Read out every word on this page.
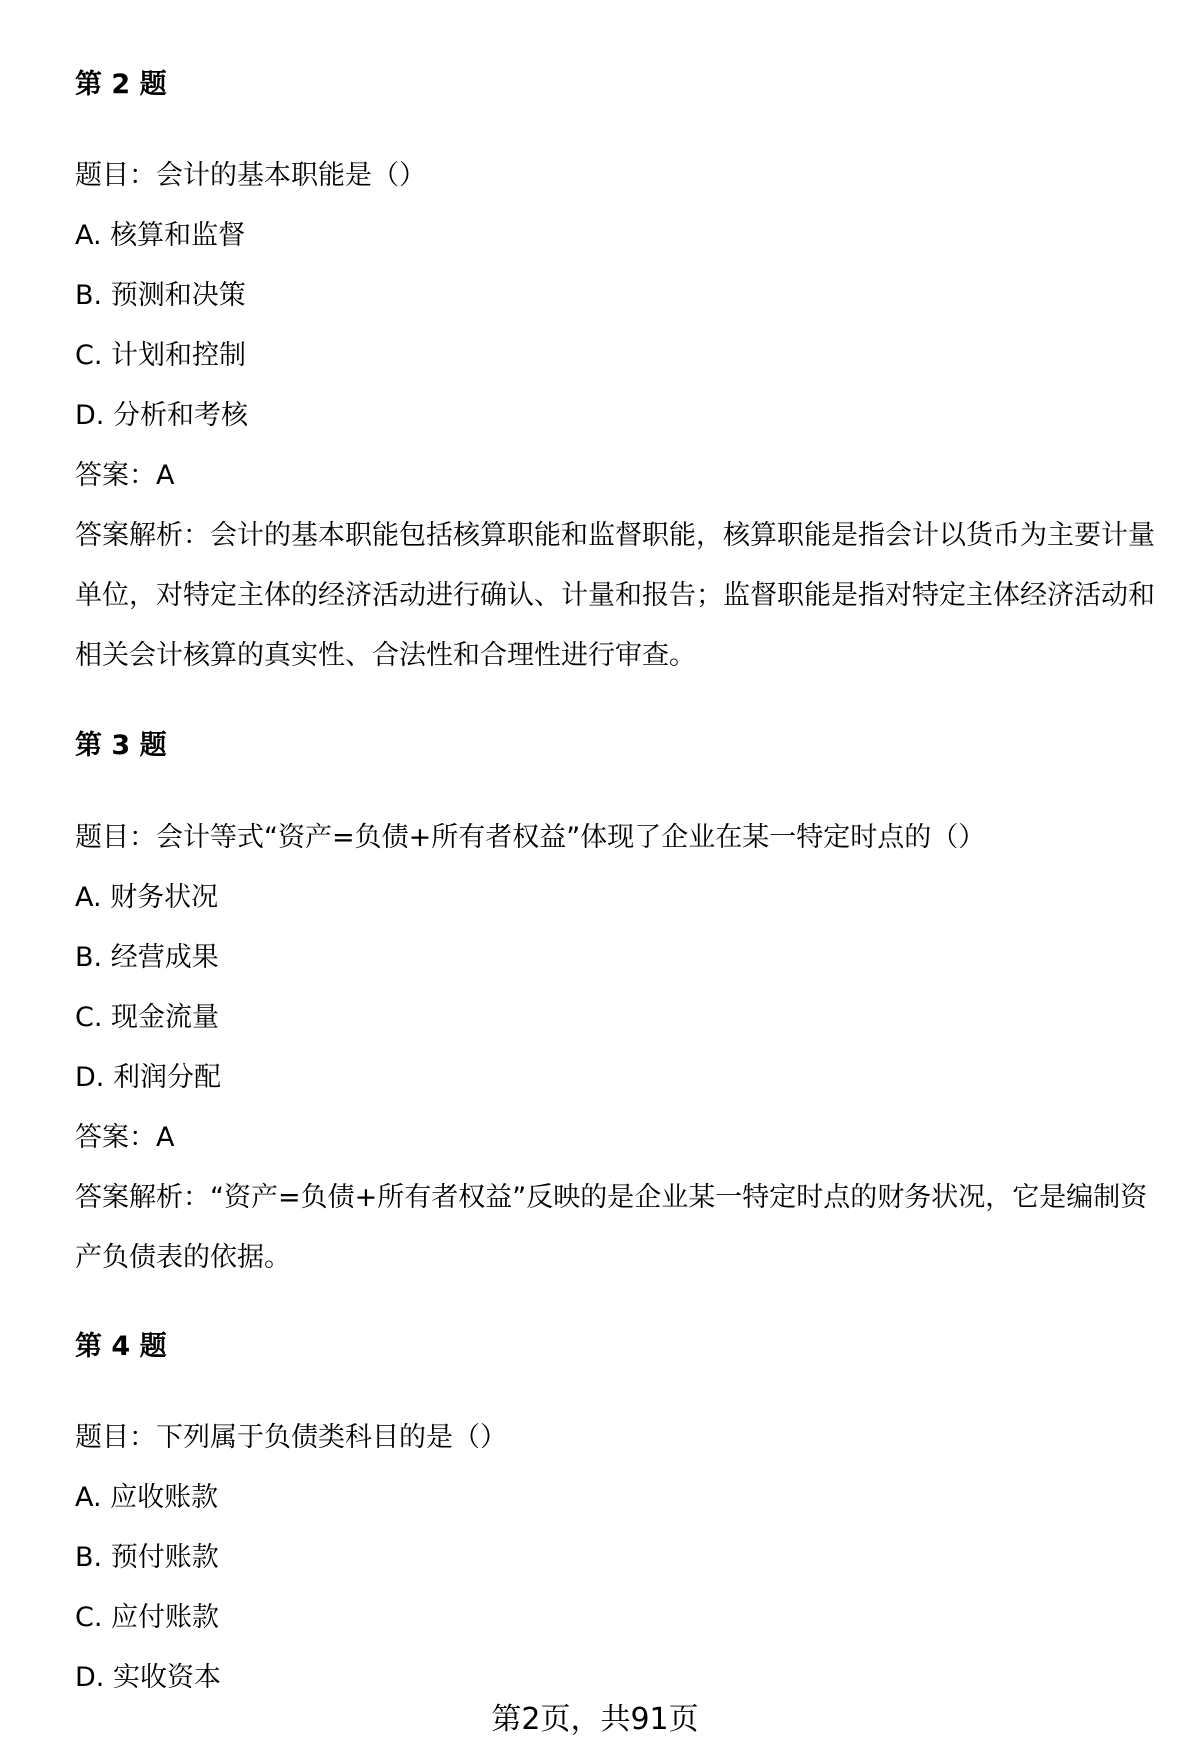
第 2 题

题目：会计的基本职能是（）

A. 核算和监督

B. 预测和决策

C. 计划和控制

D. 分析和考核

答案：A

答案解析：会计的基本职能包括核算职能和监督职能，核算职能是指会计以货币为主要计量单位，对特定主体的经济活动进行确认、计量和报告；监督职能是指对特定主体经济活动和相关会计核算的真实性、合法性和合理性进行审查。

第 3 题

题目：会计等式“资产=负债+所有者权益”体现了企业在某一特定时点的（）

A. 财务状况

B. 经营成果

C. 现金流量

D. 利润分配

答案：A

答案解析：“资产=负债+所有者权益”反映的是企业某一特定时点的财务状况，它是编制资产负债表的依据。

第 4 题

题目：下列属于负债类科目的是（）

A. 应收账款

B. 预付账款

C. 应付账款

D. 实收资本

第2页，共91页
